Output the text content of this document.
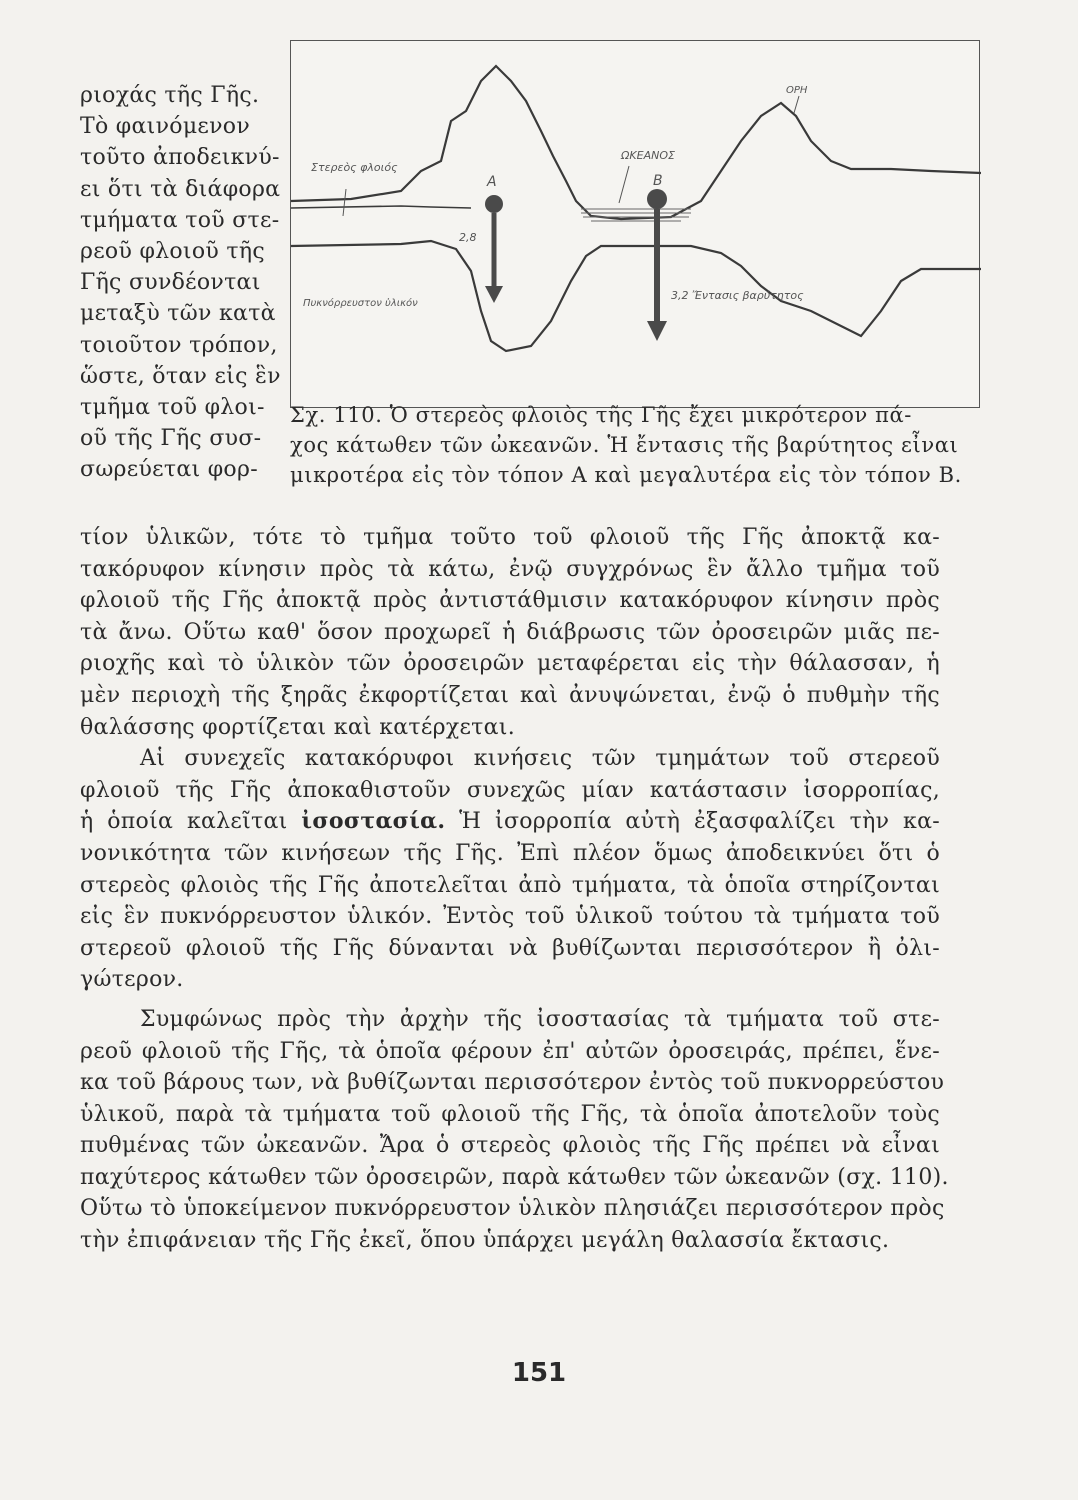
ριοχάς τῆς Γῆς.
Τὸ φαινόμενον
τοῦτο ἀποδεικνύ-
ει ὅτι τὰ διάφορα
τμήματα τοῦ στε-
ρεοῦ φλοιοῦ τῆς
Γῆς συνδέονται
μεταξὺ τῶν κατὰ
τοιοῦτον τρόπον,
ὥστε, ὅταν εἰς ἓν
τμῆμα τοῦ φλοι-
οῦ τῆς Γῆς συσ-
σωρεύεται φορ-
Στερεὸς φλοιός
ΩΚΕΑΝΟΣ
ΟΡΗ
A	B
2,8
3,2 Ἔντασις βαρύτητος
Πυκνόρρευστον ὑλικόν
Σχ. 110. Ὁ στερεὸς φλοιὸς τῆς Γῆς ἔχει μικρότερον πά-
χος κάτωθεν τῶν ὠκεανῶν. Ἡ ἔντασις τῆς βαρύτητος εἶναι
μικροτέρα εἰς τὸν τόπον Α καὶ μεγαλυτέρα εἰς τὸν τόπον Β.
τίον ὑλικῶν, τότε τὸ τμῆμα τοῦτο τοῦ φλοιοῦ τῆς Γῆς ἀποκτᾷ κα-
τακόρυφον κίνησιν πρὸς τὰ κάτω, ἐνῷ συγχρόνως ἓν ἄλλο τμῆμα τοῦ
φλοιοῦ τῆς Γῆς ἀποκτᾷ πρὸς ἀντιστάθμισιν κατακόρυφον κίνησιν πρὸς
τὰ ἄνω. Οὕτω καθ' ὅσον προχωρεῖ ἡ διάβρωσις τῶν ὀροσειρῶν μιᾶς πε-
ριοχῆς καὶ τὸ ὑλικὸν τῶν ὀροσειρῶν μεταφέρεται εἰς τὴν θάλασσαν, ἡ
μὲν περιοχὴ τῆς ξηρᾶς ἐκφορτίζεται καὶ ἀνυψώνεται, ἐνῷ ὁ πυθμὴν τῆς
θαλάσσης φορτίζεται καὶ κατέρχεται.
Αἱ συνεχεῖς κατακόρυφοι κινήσεις τῶν τμημάτων τοῦ στερεοῦ
φλοιοῦ τῆς Γῆς ἀποκαθιστοῦν συνεχῶς μίαν κατάστασιν ἰσορροπίας,
ἡ ὁποία καλεῖται ἰσοστασία. Ἡ ἰσορροπία αὐτὴ ἐξασφαλίζει τὴν κα-
νονικότητα τῶν κινήσεων τῆς Γῆς. Ἐπὶ πλέον ὅμως ἀποδεικνύει ὅτι ὁ
στερεὸς φλοιὸς τῆς Γῆς ἀποτελεῖται ἀπὸ τμήματα, τὰ ὁποῖα στηρίζονται
εἰς ἓν πυκνόρρευστον ὑλικόν. Ἐντὸς τοῦ ὑλικοῦ τούτου τὰ τμήματα τοῦ
στερεοῦ φλοιοῦ τῆς Γῆς δύνανται νὰ βυθίζωνται περισσότερον ἢ ὀλι-
γώτερον.
Συμφώνως πρὸς τὴν ἀρχὴν τῆς ἰσοστασίας τὰ τμήματα τοῦ στε-
ρεοῦ φλοιοῦ τῆς Γῆς, τὰ ὁποῖα φέρουν ἐπ' αὐτῶν ὀροσειράς, πρέπει, ἕνε-
κα τοῦ βάρους των, νὰ βυθίζωνται περισσότερον ἐντὸς τοῦ πυκνορρεύστου
ὑλικοῦ, παρὰ τὰ τμήματα τοῦ φλοιοῦ τῆς Γῆς, τὰ ὁποῖα ἀποτελοῦν τοὺς
πυθμένας τῶν ὠκεανῶν. Ἄρα ὁ στερεὸς φλοιὸς τῆς Γῆς πρέπει νὰ εἶναι
παχύτερος κάτωθεν τῶν ὀροσειρῶν, παρὰ κάτωθεν τῶν ὠκεανῶν (σχ. 110).
Οὕτω τὸ ὑποκείμενον πυκνόρρευστον ὑλικὸν πλησιάζει περισσότερον πρὸς
τὴν ἐπιφάνειαν τῆς Γῆς ἐκεῖ, ὅπου ὑπάρχει μεγάλη θαλασσία ἔκτασις.
151
